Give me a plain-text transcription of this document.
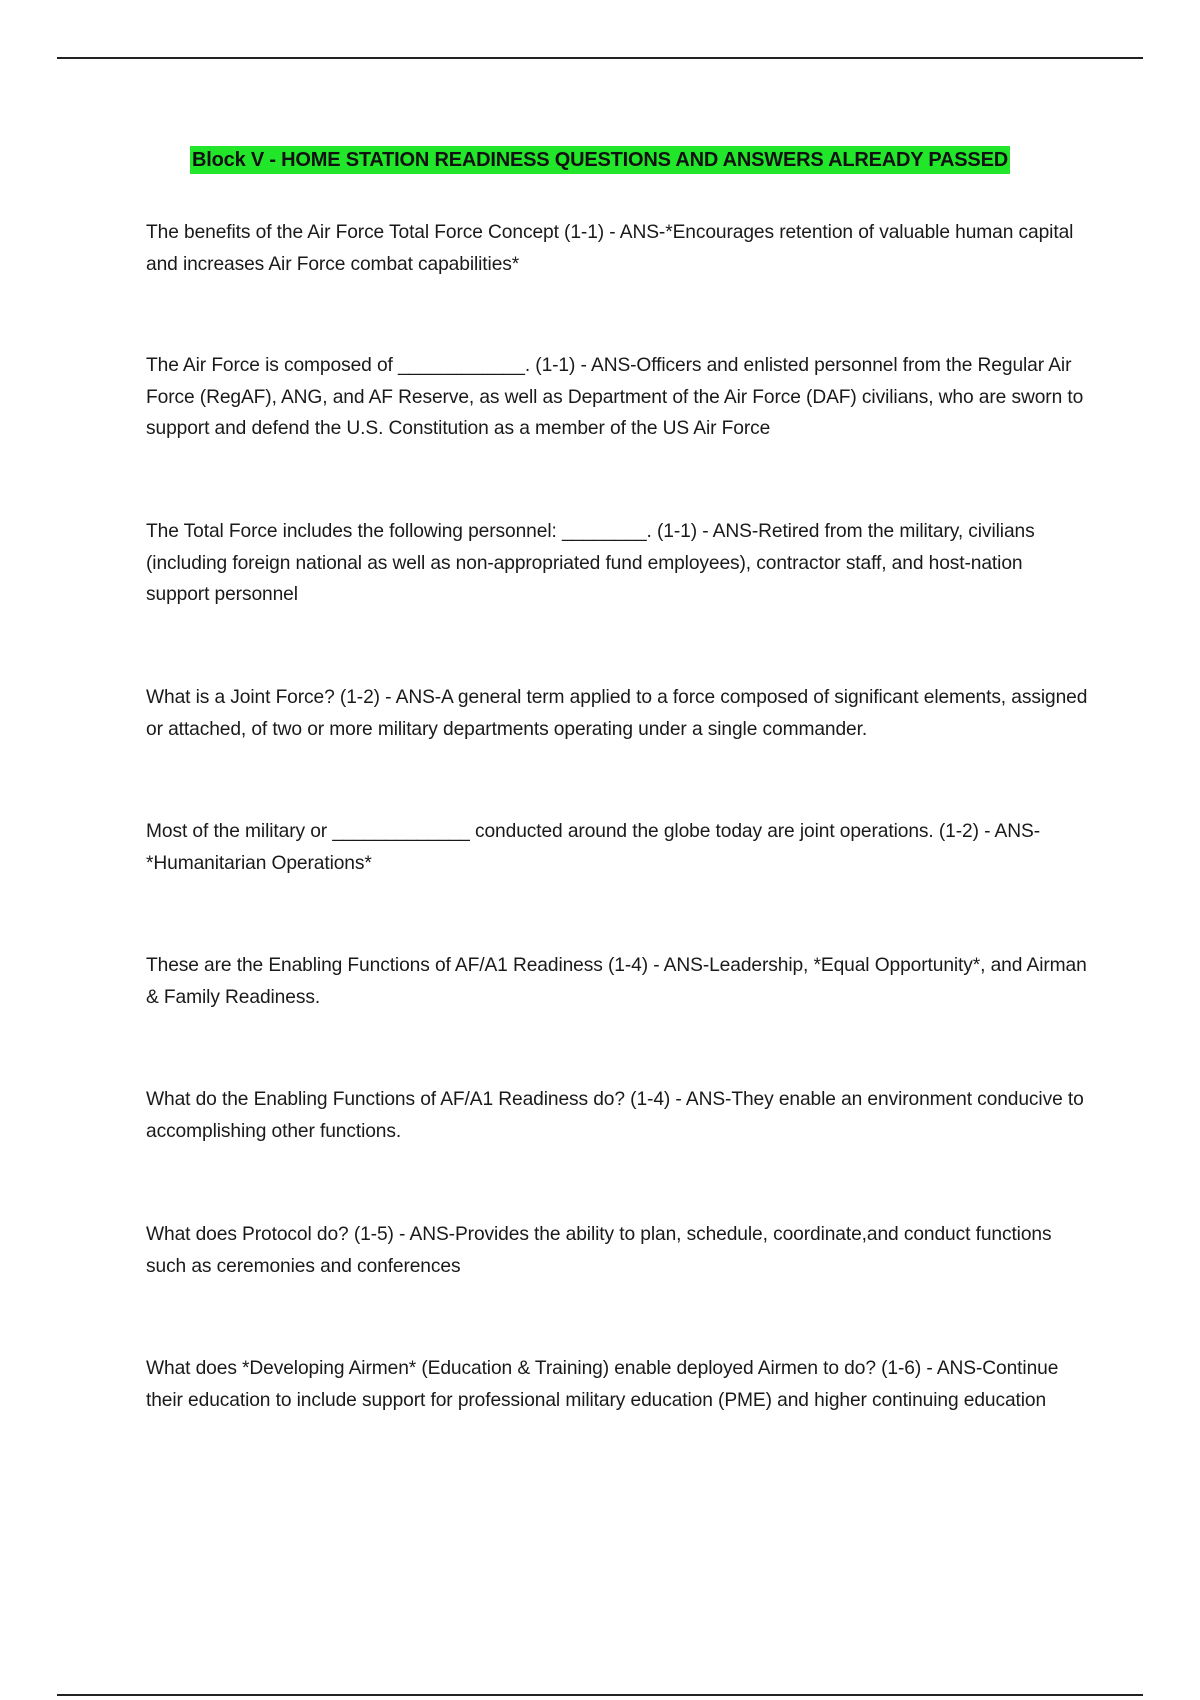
Block V - HOME STATION READINESS QUESTIONS AND ANSWERS ALREADY PASSED

The benefits of the Air Force Total Force Concept (1-1) - ANS-*Encourages retention of valuable human capital and increases Air Force combat capabilities*

The Air Force is composed of ____________. (1-1) - ANS-Officers and enlisted personnel from the Regular Air Force (RegAF), ANG, and AF Reserve, as well as Department of the Air Force (DAF) civilians, who are sworn to support and defend the U.S. Constitution as a member of the US Air Force

The Total Force includes the following personnel: ________. (1-1) - ANS-Retired from the military, civilians (including foreign national as well as non-appropriated fund employees), contractor staff, and host-nation support personnel

What is a Joint Force? (1-2) - ANS-A general term applied to a force composed of significant elements, assigned or attached, of two or more military departments operating under a single commander.

Most of the military or _____________ conducted around the globe today are joint operations. (1-2) - ANS-*Humanitarian Operations*

These are the Enabling Functions of AF/A1 Readiness (1-4) - ANS-Leadership, *Equal Opportunity*, and Airman & Family Readiness.

What do the Enabling Functions of AF/A1 Readiness do? (1-4) - ANS-They enable an environment conducive to accomplishing other functions.

What does Protocol do? (1-5) - ANS-Provides the ability to plan, schedule, coordinate,and conduct functions such as ceremonies and conferences

What does *Developing Airmen* (Education & Training) enable deployed Airmen to do? (1-6) - ANS-Continue their education to include support for professional military education (PME) and higher continuing education
